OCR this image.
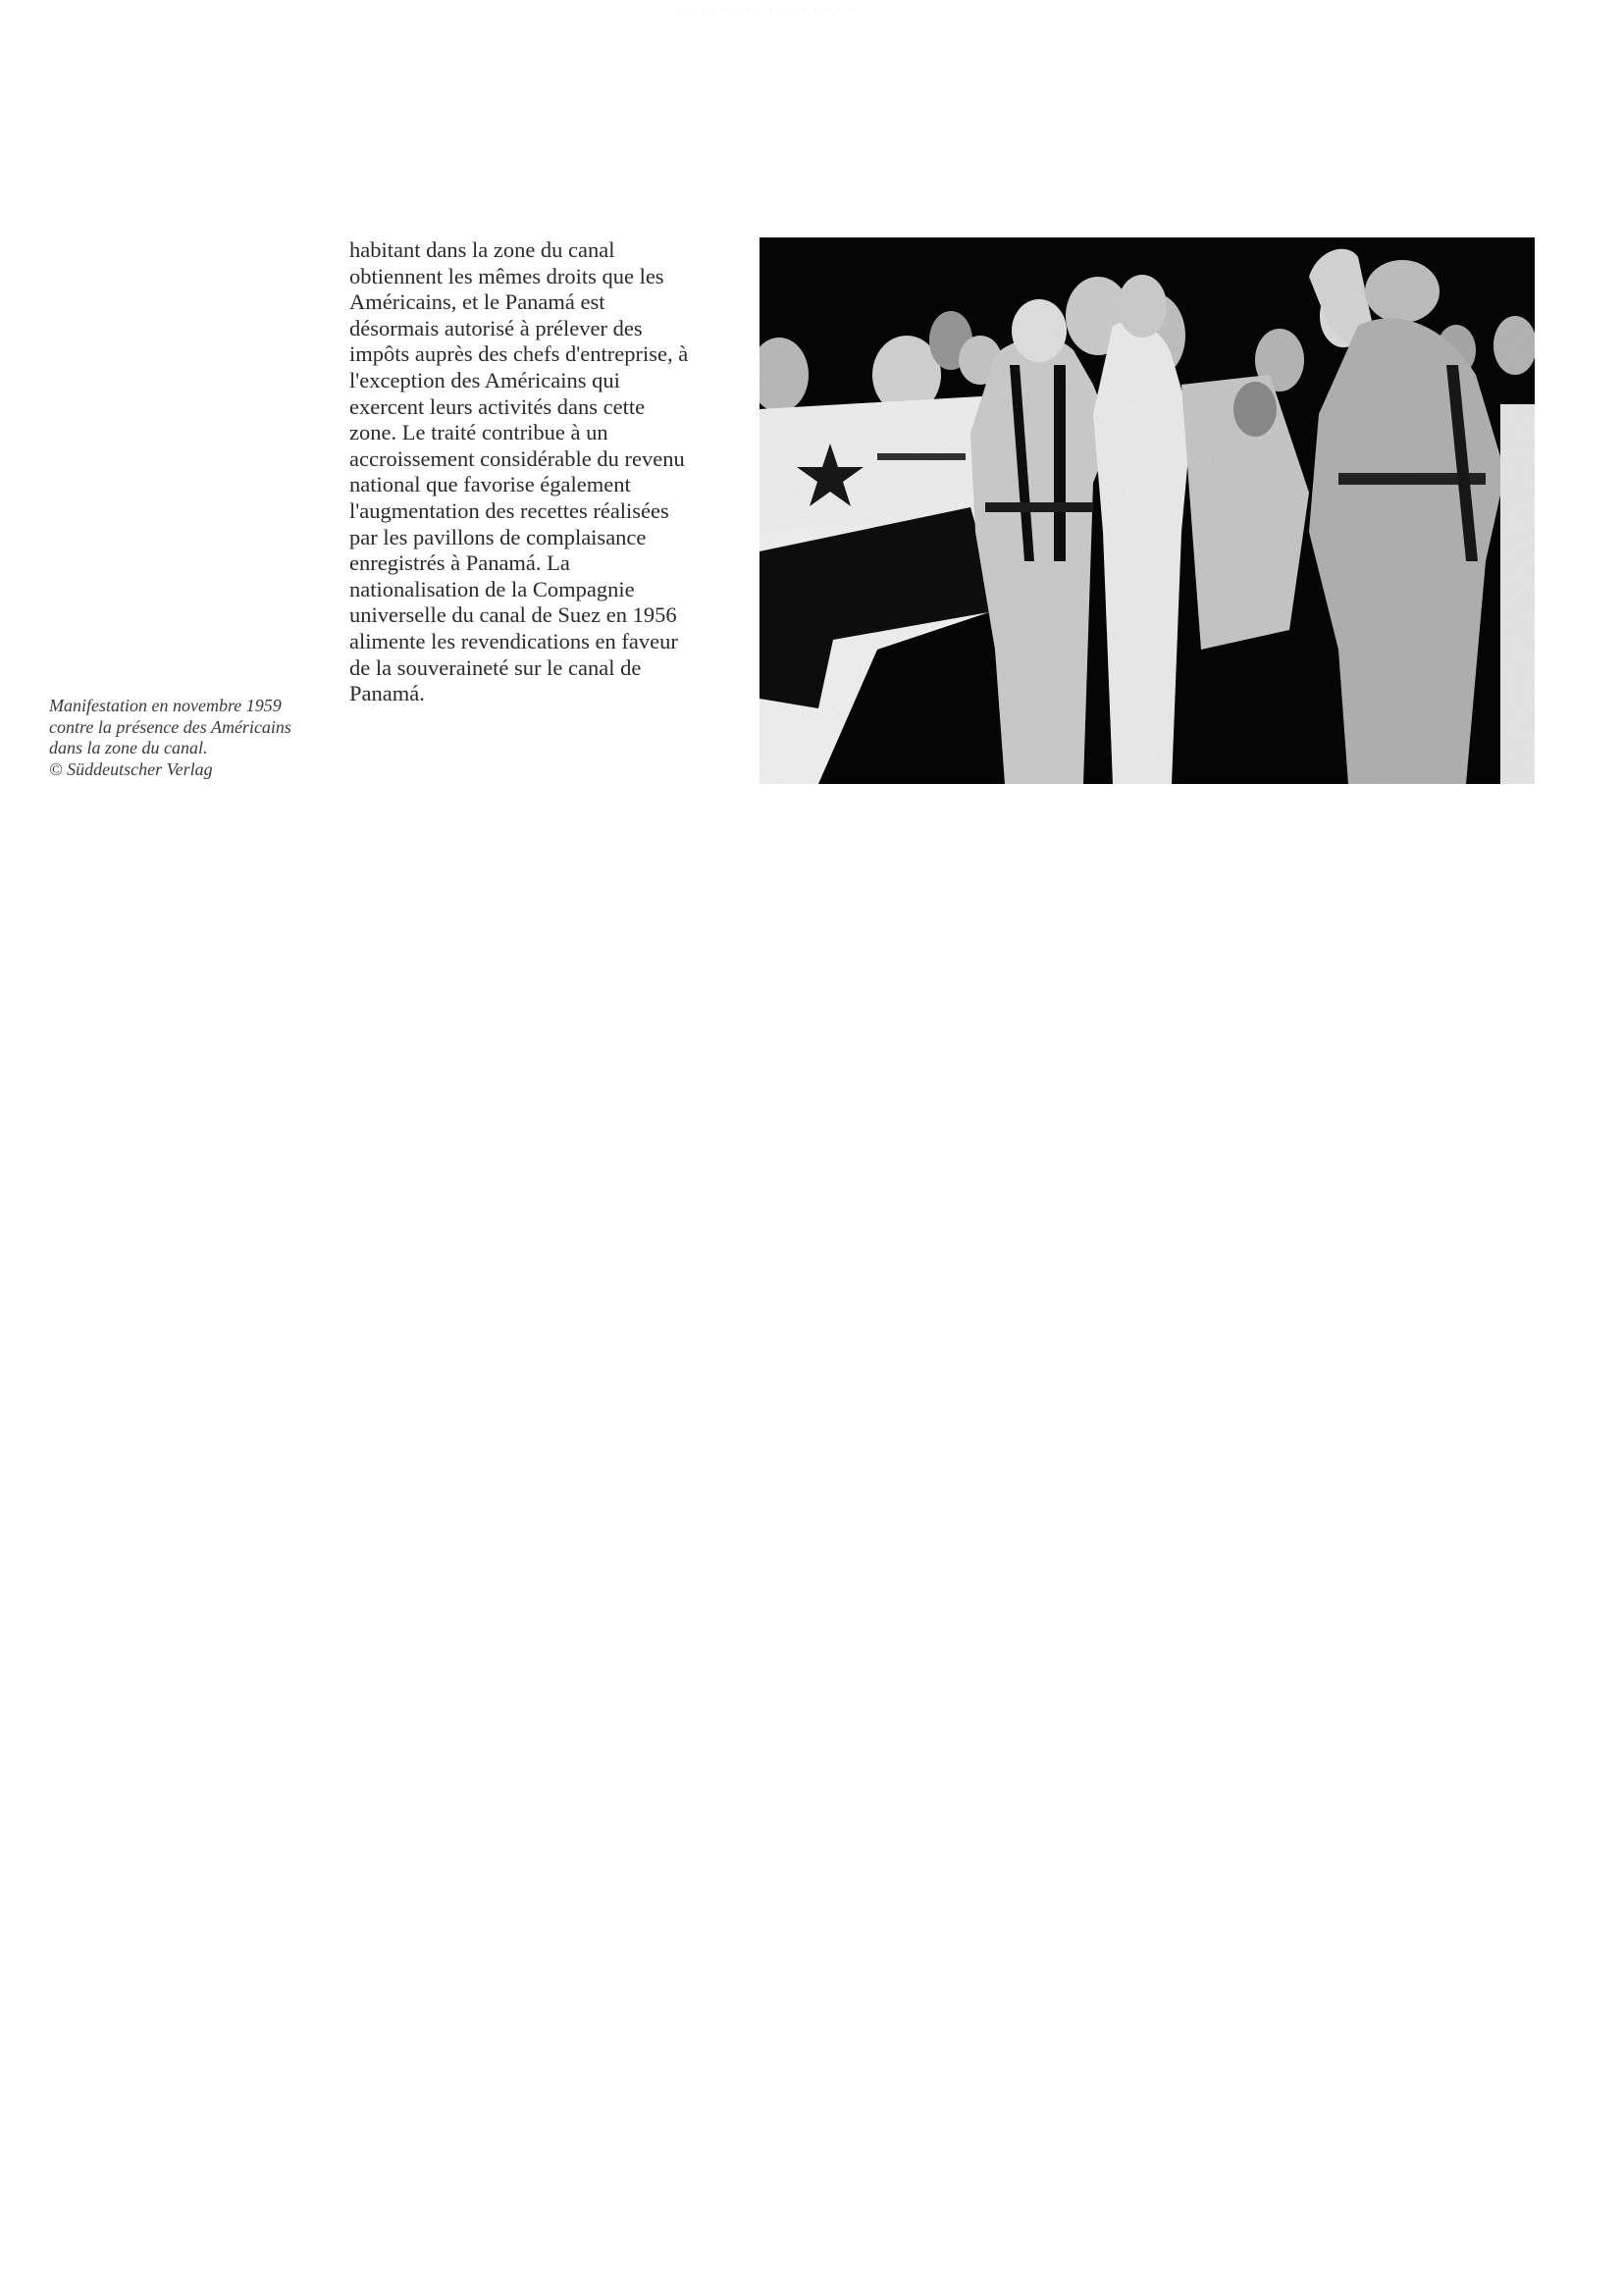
· · · · · · · · · · · · · · · ·
habitant dans la zone du canal
obtiennent les mêmes droits que les
Américains, et le Panamá est
désormais autorisé à prélever des
impôts auprès des chefs d'entreprise, à
l'exception des Américains qui
exercent leurs activités dans cette
zone. Le traité contribue à un
accroissement considérable du revenu
national que favorise également
l'augmentation des recettes réalisées
par les pavillons de complaisance
enregistrés à Panamá. La
nationalisation de la Compagnie
universelle du canal de Suez en 1956
alimente les revendications en faveur
de la souveraineté sur le canal de
Panamá.
Manifestation en novembre 1959
contre la présence des Américains
dans la zone du canal.
© Süddeutscher Verlag
